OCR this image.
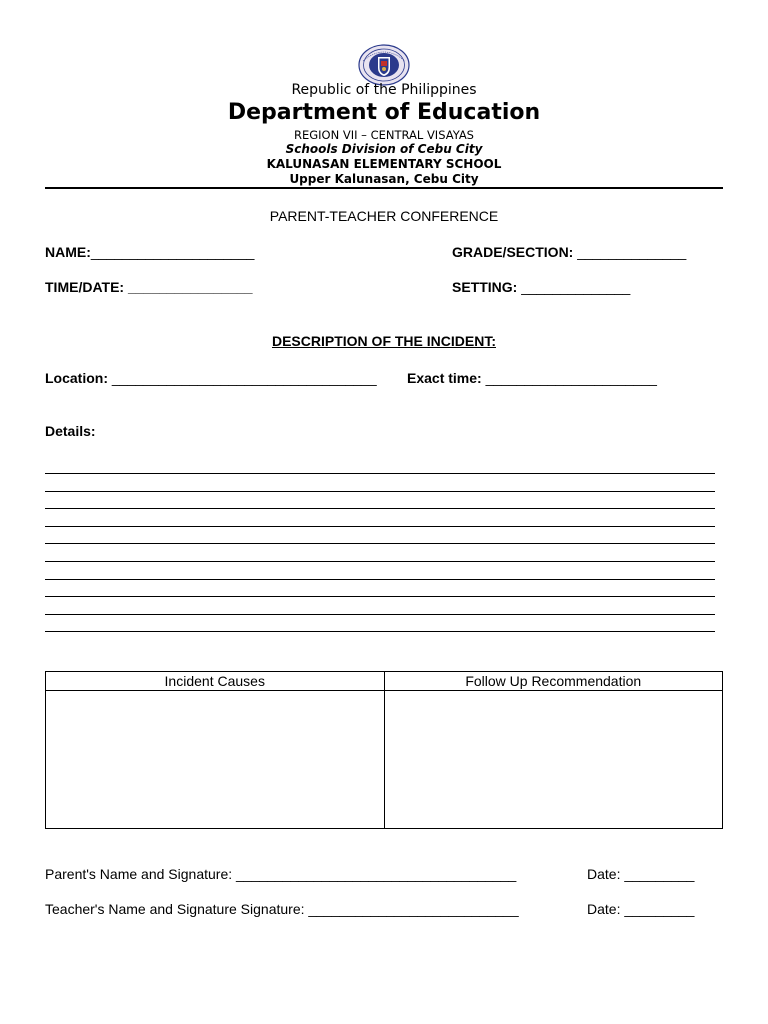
Republic of the Philippines
Department of Education
REGION VII – CENTRAL VISAYAS
Schools Division of Cebu City
KALUNASAN ELEMENTARY SCHOOL
Upper Kalunasan, Cebu City
PARENT-TEACHER CONFERENCE
NAME:_____________________	GRADE/SECTION: ______________
TIME/DATE: ________________	SETTING: ______________
DESCRIPTION OF THE INCIDENT:
Location: __________________________________ Exact time: ______________________
Details:
Incident Causes	Follow Up Recommendation

Parent's Name and Signature: ____________________________________	Date: _________
Teacher's Name and Signature Signature: ___________________________	Date: _________
